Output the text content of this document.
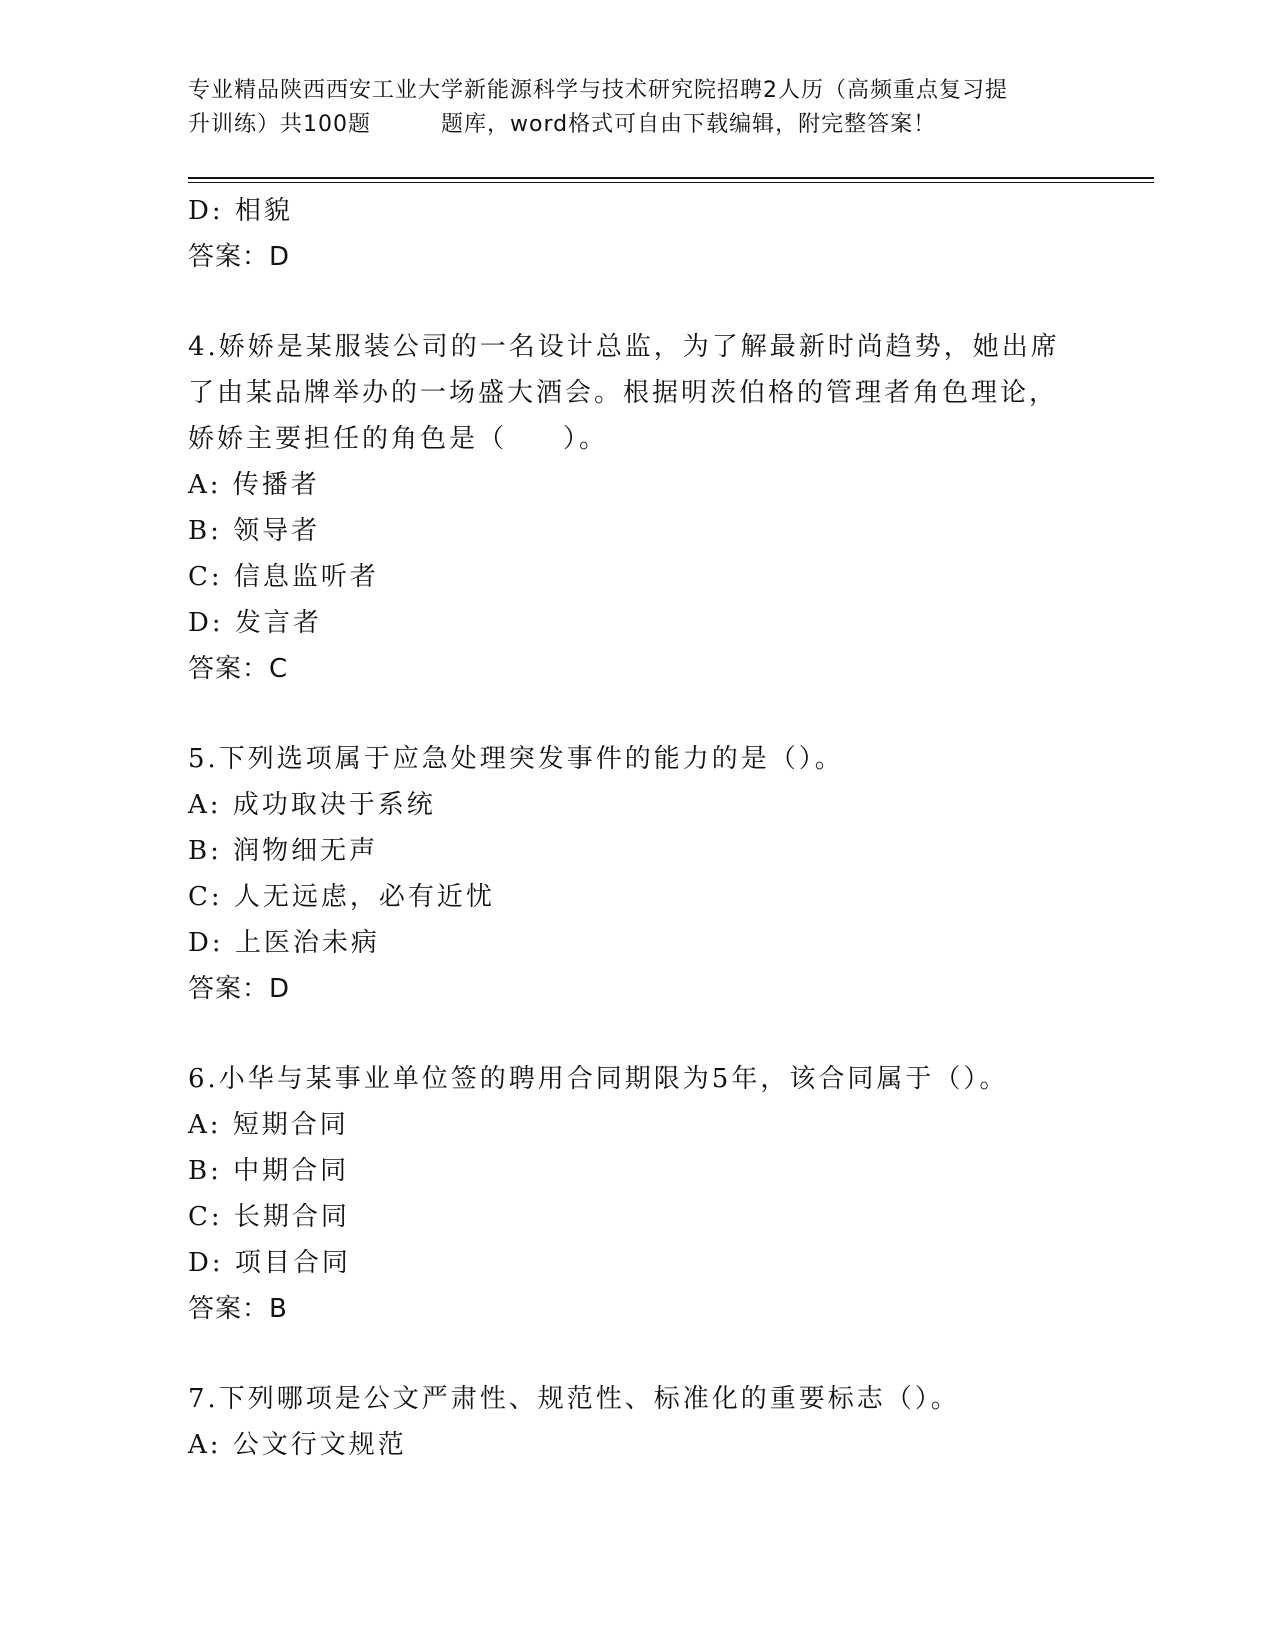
专业精品陕西西安工业大学新能源科学与技术研究院招聘2人历（高频重点复习提
升训练）共100题	题库，word格式可自由下载编辑，附完整答案！
D: 相貌
答案：D
4.娇娇是某服装公司的一名设计总监，为了解最新时尚趋势，她出席
了由某品牌举办的一场盛大酒会。根据明茨伯格的管理者角色理论，
娇娇主要担任的角色是（ ）。
A: 传播者
B: 领导者
C: 信息监听者
D: 发言者
答案：C
5.下列选项属于应急处理突发事件的能力的是（）。
A: 成功取决于系统
B: 润物细无声
C: 人无远虑，必有近忧
D: 上医治未病
答案：D
6.小华与某事业单位签的聘用合同期限为5年，该合同属于（）。
A: 短期合同
B: 中期合同
C: 长期合同
D: 项目合同
答案：B
7.下列哪项是公文严肃性、规范性、标准化的重要标志（）。
A: 公文行文规范
